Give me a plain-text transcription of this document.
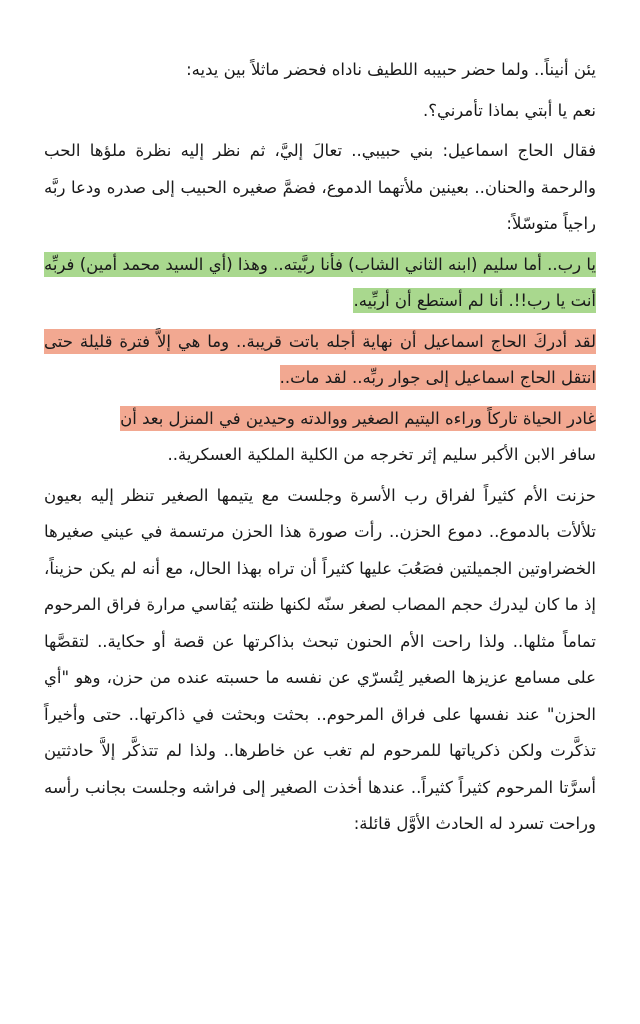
يئن أنيناً.. ولما حضر حبيبه اللطيف ناداه فحضر ماثلاً بين يديه:

نعم يا أبتي بماذا تأمرني؟.

فقال الحاج اسماعيل: بني حبيبي.. تعالَ إليَّ، ثم نظر إليه نظرة ملؤها الحب والرحمة والحنان.. بعينين ملأتهما الدموع، فضمَّ صغيره الحبيب إلى صدره ودعا ربَّه راجياً متوسّلاً:

يا رب.. أما سليم (ابنه الثاني الشاب) فأنا ربَّيته.. وهذا (أي السيد محمد أمين) فربِّه أنت يا رب!!. أنا لم أستطع أن أربِّيه.

لقد أدركَ الحاج اسماعيل أن نهاية أجله باتت قريبة.. وما هي إلاَّ فترة قليلة حتى انتقل الحاج اسماعيل إلى جوار ربِّه.. لقد مات..

غادر الحياة تاركاً وراءه اليتيم الصغير ووالدته وحيدين في المنزل بعد أن

سافر الابن الأكبر سليم إثر تخرجه من الكلية الملكية العسكرية..

حزنت الأم كثيراً لفراق رب الأسرة وجلست مع يتيمها الصغير تنظر إليه بعيون تلألأت بالدموع.. دموع الحزن.. رأت صورة هذا الحزن مرتسمة في عيني صغيرها الخضراوتين الجميلتين فصَعُبَ عليها كثيراً أن تراه بهذا الحال، مع أنه لم يكن حزيناً، إذ ما كان ليدرك حجم المصاب لصغر سنّه لكنها ظنته يُقاسي مرارة فراق المرحوم تماماً مثلها.. ولذا راحت الأم الحنون تبحث بذاكرتها عن قصة أو حكاية.. لتقصَّها على مسامع عزيزها الصغير لِتُسرّي عن نفسه ما حسبته عنده من حزن، وهو "أي الحزن" عند نفسها على فراق المرحوم.. بحثت وبحثت في ذاكرتها.. حتى وأخيراً تذكَّرت ولكن ذكرياتها للمرحوم لم تغب عن خاطرها.. ولذا لم تتذكَّر إلاَّ حادثتين أسرَّتا المرحوم كثيراً كثيراً.. عندها أخذت الصغير إلى فراشه وجلست بجانب رأسه وراحت تسرد له الحادث الأوَّل قائلة:
